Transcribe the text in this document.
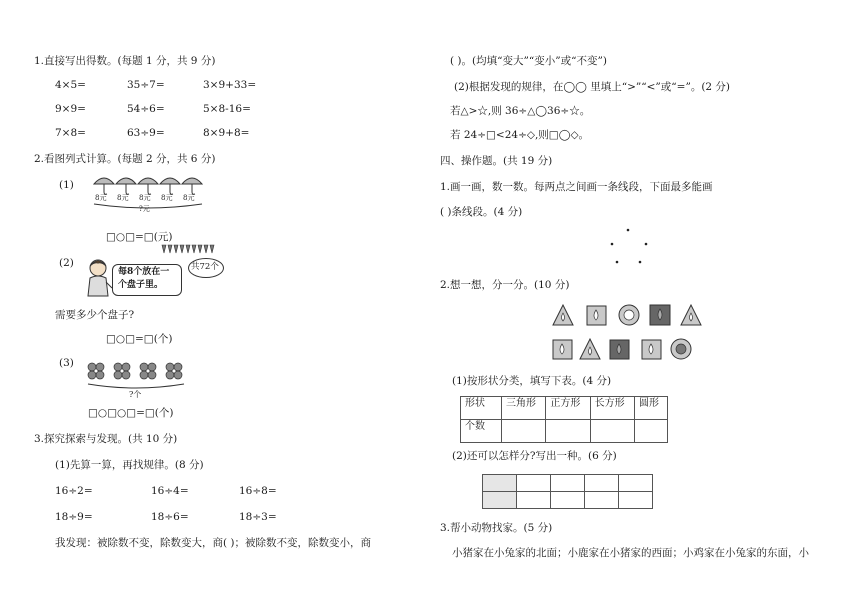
1.直接写出得数。(每题 1 分，共 9 分)
4×5=	35÷7=	3×9+33=
9×9=	54÷6=	5×8-16=
7×8=	63÷9=	8×9+8=
2.看图列式计算。(每题 2 分，共 6 分)
(1)
8元 8元 8元 8元 8元
?元
□○□=□(元)
(2)
每8个放在一个盘子里。
共72个
需要多少个盘子?
□○□=□(个)
(3)
?个
□○□○□=□(个)
3.探究探索与发现。(共 10 分)
(1)先算一算，再找规律。(8 分)
16÷2=	16÷4=	16÷8=
18÷9=	18÷6=	18÷3=
我发现：被除数不变，除数变大，商( )；被除数不变，除数变小，商
( )。(均填“变大”“变小”或“不变”)
(2)根据发现的规律，在◯◯ 里填上“>”“<”或“=”。(2 分)
若△>☆,则 36÷△◯36÷☆。
若 24÷□<24÷◇,则□◯◇。
四、操作题。(共 19 分)
1.画一画，数一数。每两点之间画一条线段，下面最多能画
( )条线段。(4 分)
2.想一想，分一分。(10 分)
(1)按形状分类，填写下表。(4 分)
形状	三角形	正方形	长方形	圆形
个数				
(2)还可以怎样分?写出一种。(6 分)

3.帮小动物找家。(5 分)
小猪家在小兔家的北面；小鹿家在小猪家的西面；小鸡家在小兔家的东面，小
